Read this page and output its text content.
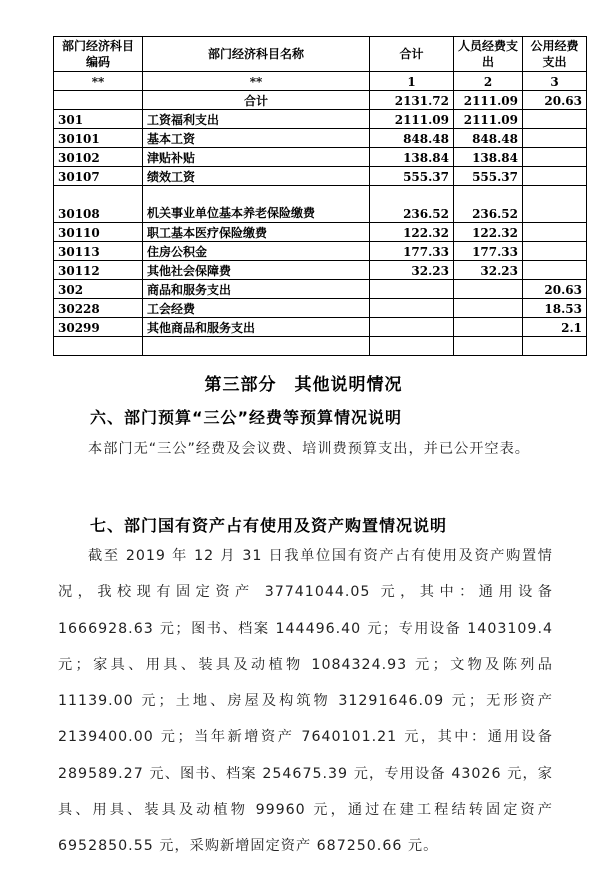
部门经济科目编码	部门经济科目名称	合计	人员经费支出	公用经费支出
**	**	1	2	3
	合计	2131.72	2111.09	20.63
301	工资福利支出	2111.09	2111.09	
30101	基本工资	848.48	848.48	
30102	津贴补贴	138.84	138.84	
30107	绩效工资	555.37	555.37	
30108	机关事业单位基本养老保险缴费	236.52	236.52	
30110	职工基本医疗保险缴费	122.32	122.32	
30113	住房公积金	177.33	177.33	
30112	其他社会保障费	32.23	32.23	
302	商品和服务支出			20.63
30228	工会经费			18.53
30299	其他商品和服务支出			2.1

第三部分　其他说明情况
六、部门预算“三公”经费等预算情况说明
本部门无“三公”经费及会议费、培训费预算支出，并已公开空表。
七、部门国有资产占有使用及资产购置情况说明
截至 2019 年 12 月 31 日我单位国有资产占有使用及资产购置情况，我校现有固定资产 37741044.05 元，其中：通用设备 1666928.63 元；图书、档案 144496.40 元；专用设备 1403109.4 元；家具、用具、装具及动植物 1084324.93 元；文物及陈列品 11139.00 元；土地、房屋及构筑物 31291646.09 元；无形资产 2139400.00 元；当年新增资产 7640101.21 元，其中：通用设备 289589.27 元、图书、档案 254675.39 元，专用设备 43026 元，家具、用具、装具及动植物 99960 元，通过在建工程结转固定资产 6952850.55 元，采购新增固定资产 687250.66 元。
